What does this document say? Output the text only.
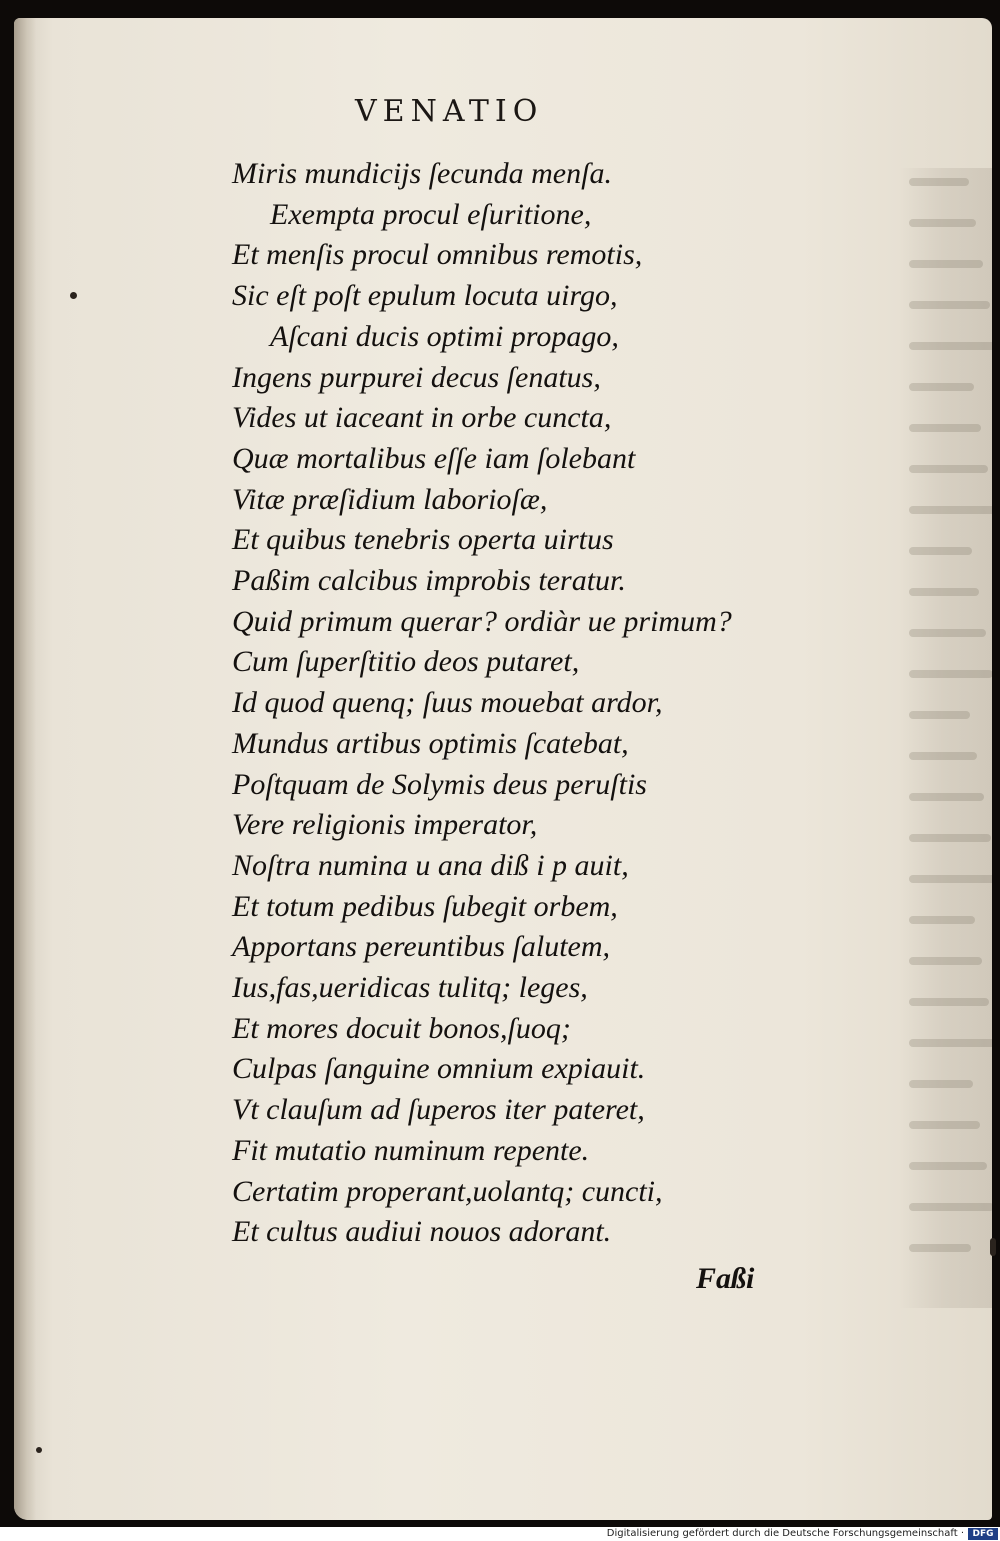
VENATIO
Miris mundicijs ſecunda menſa.
Exempta procul eſuritione,
Et menſis procul omnibus remotis,
Sic eſt poſt epulum locuta uirgo,
Aſcani ducis optimi propago,
Ingens purpurei decus ſenatus,
Vides ut iaceant in orbe cuncta,
Quæ mortalibus eſſe iam ſolebant
Vitæ præſidium laborioſæ,
Et quibus tenebris operta uirtus
Paßim calcibus improbis teratur.
Quid primum querar? ordiàr ue primum?
Cum ſuperſtitio deos putaret,
Id quod quenq; ſuus mouebat ardor,
Mundus artibus optimis ſcatebat,
Poſtquam de Solymis deus peruſtis
Vere religionis imperator,
Noſtra numina u ana diß i p auit,
Et totum pedibus ſubegit orbem,
Apportans pereuntibus ſalutem,
Ius,fas,ueridicas tulitq; leges,
Et mores docuit bonos,ſuoq;
Culpas ſanguine omnium expiauit.
Vt clauſum ad ſuperos iter pateret,
Fit mutatio numinum repente.
Certatim properant,uolantq; cuncti,
Et cultus audiui nouos adorant.
Faßi
Digitalisierung gefördert durch die Deutsche Forschungsgemeinschaft · DFG
